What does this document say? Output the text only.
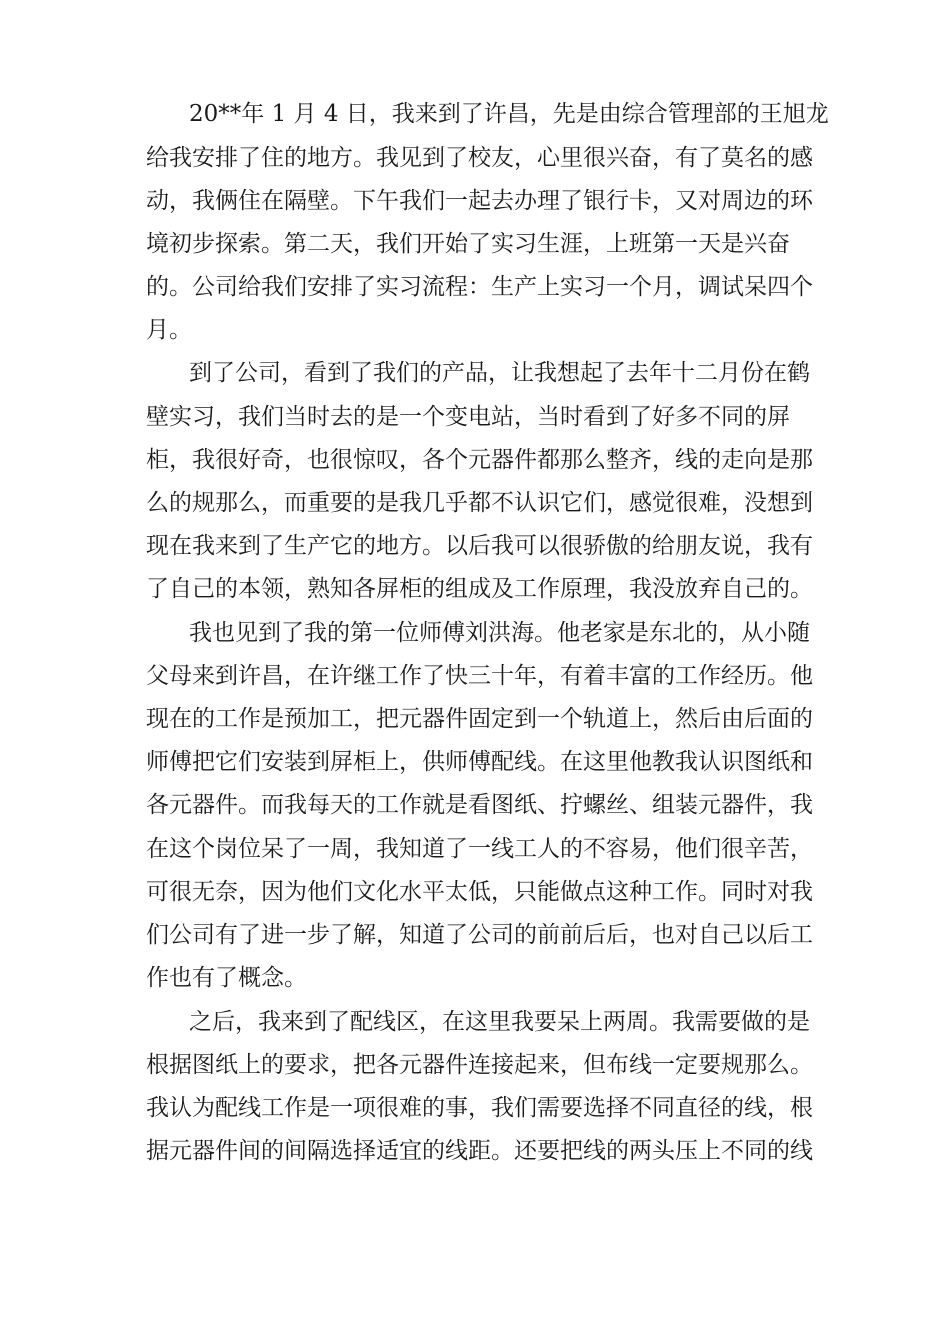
20**年 1 月 4 日，我来到了许昌，先是由综合管理部的王旭龙
给我安排了住的地方。我见到了校友，心里很兴奋，有了莫名的感
动，我俩住在隔壁。下午我们一起去办理了银行卡，又对周边的环
境初步探索。第二天，我们开始了实习生涯，上班第一天是兴奋
的。公司给我们安排了实习流程：生产上实习一个月，调试呆四个
月。
到了公司，看到了我们的产品，让我想起了去年十二月份在鹤
壁实习，我们当时去的是一个变电站，当时看到了好多不同的屏
柜，我很好奇，也很惊叹，各个元器件都那么整齐，线的走向是那
么的规那么，而重要的是我几乎都不认识它们，感觉很难，没想到
现在我来到了生产它的地方。以后我可以很骄傲的给朋友说，我有
了自己的本领，熟知各屏柜的组成及工作原理，我没放弃自己的。
我也见到了我的第一位师傅刘洪海。他老家是东北的，从小随
父母来到许昌，在许继工作了快三十年，有着丰富的工作经历。他
现在的工作是预加工，把元器件固定到一个轨道上，然后由后面的
师傅把它们安装到屏柜上，供师傅配线。在这里他教我认识图纸和
各元器件。而我每天的工作就是看图纸、拧螺丝、组装元器件，我
在这个岗位呆了一周，我知道了一线工人的不容易，他们很辛苦，
可很无奈，因为他们文化水平太低，只能做点这种工作。同时对我
们公司有了进一步了解，知道了公司的前前后后，也对自己以后工
作也有了概念。
之后，我来到了配线区，在这里我要呆上两周。我需要做的是
根据图纸上的要求，把各元器件连接起来，但布线一定要规那么。
我认为配线工作是一项很难的事，我们需要选择不同直径的线，根
据元器件间的间隔选择适宜的线距。还要把线的两头压上不同的线
